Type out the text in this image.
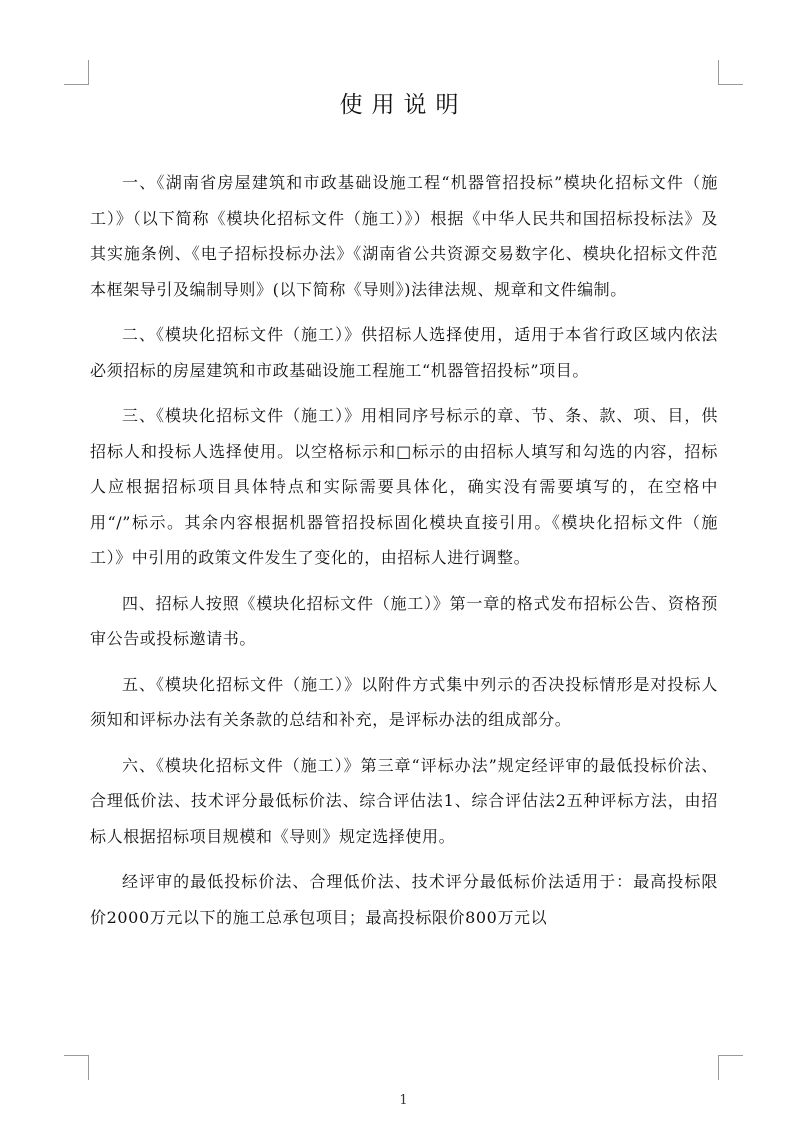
使用说明

一、《湖南省房屋建筑和市政基础设施工程“机器管招投标”模块化招标文件（施工）》（以下简称《模块化招标文件（施工）》）根据《中华人民共和国招标投标法》及其实施条例、《电子招标投标办法》《湖南省公共资源交易数字化、模块化招标文件范本框架导引及编制导则》(以下简称《导则》)法律法规、规章和文件编制。

二、《模块化招标文件（施工）》供招标人选择使用，适用于本省行政区域内依法必须招标的房屋建筑和市政基础设施工程施工“机器管招投标”项目。

三、《模块化招标文件（施工）》用相同序号标示的章、节、条、款、项、目，供招标人和投标人选择使用。以空格标示和□标示的由招标人填写和勾选的内容，招标人应根据招标项目具体特点和实际需要具体化，确实没有需要填写的，在空格中用“/”标示。其余内容根据机器管招投标固化模块直接引用。《模块化招标文件（施工）》中引用的政策文件发生了变化的，由招标人进行调整。

四、招标人按照《模块化招标文件（施工）》第一章的格式发布招标公告、资格预审公告或投标邀请书。

五、《模块化招标文件（施工）》以附件方式集中列示的否决投标情形是对投标人须知和评标办法有关条款的总结和补充，是评标办法的组成部分。

六、《模块化招标文件（施工）》第三章“评标办法”规定经评审的最低投标价法、合理低价法、技术评分最低标价法、综合评估法1、综合评估法2五种评标方法，由招标人根据招标项目规模和《导则》规定选择使用。

经评审的最低投标价法、合理低价法、技术评分最低标价法适用于：最高投标限价2000万元以下的施工总承包项目；最高投标限价800万元以

1
